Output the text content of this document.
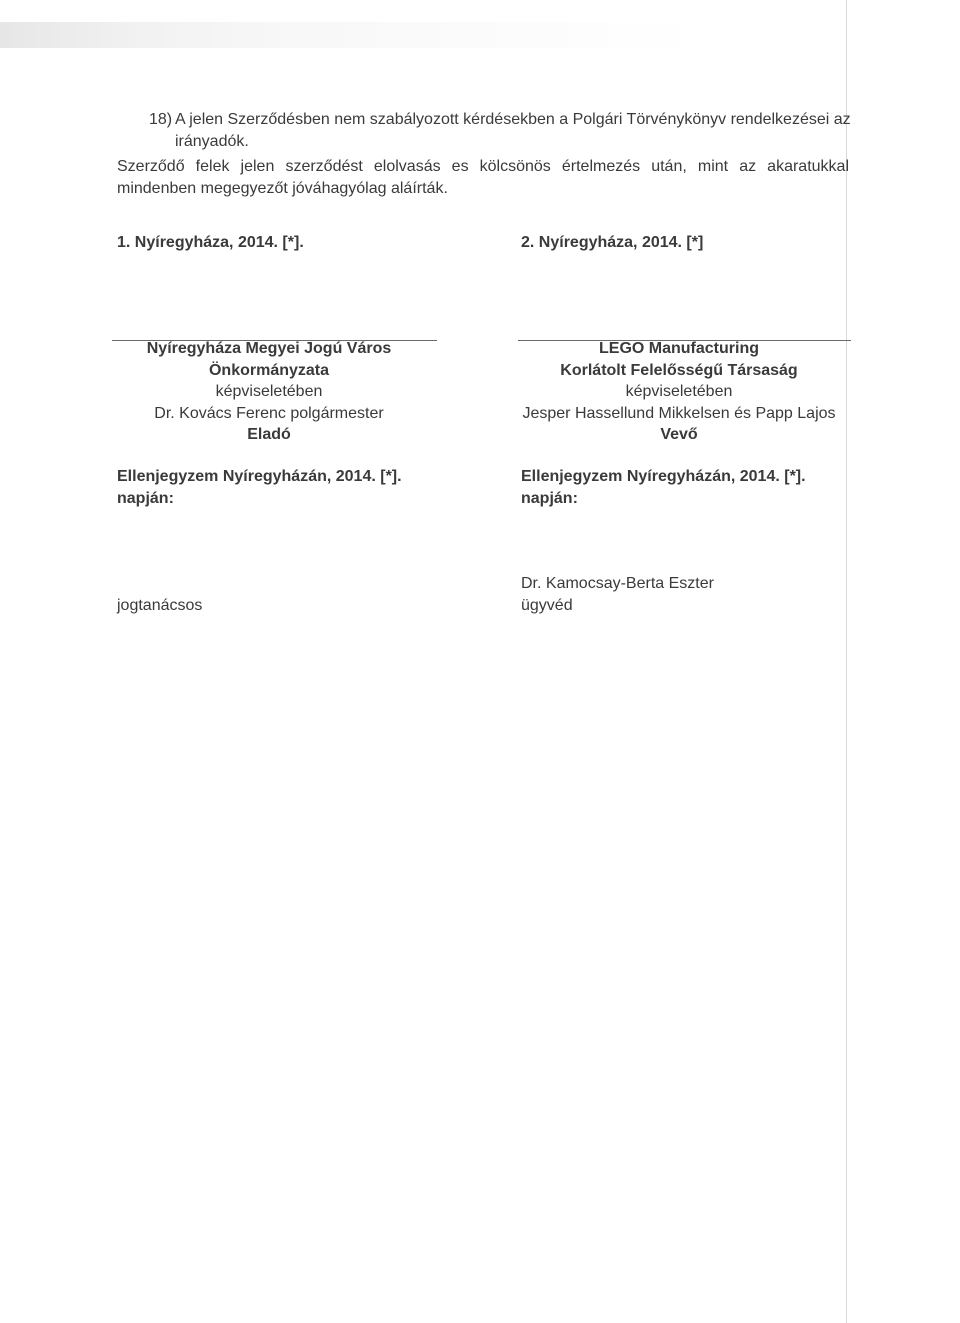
18) A jelen Szerződésben nem szabályozott kérdésekben a Polgári Törvénykönyv rendelkezései az irányadók.
Szerződő felek jelen szerződést elolvasás es kölcsönös értelmezés után, mint az akaratukkal mindenben megegyezőt jóváhagyólag aláírták.
1. Nyíregyháza, 2014. [*].	2. Nyíregyháza, 2014. [*]
Nyíregyháza Megyei Jogú Város
Önkormányzata
képviseletében
Dr. Kovács Ferenc polgármester
Eladó
LEGO Manufacturing
Korlátolt Felelősségű Társaság
képviseletében
Jesper Hassellund Mikkelsen és Papp Lajos
Vevő
Ellenjegyzem Nyíregyházán, 2014. [*].
napján:
Ellenjegyzem Nyíregyházán, 2014. [*].
napján:
jogtanácsos
Dr. Kamocsay-Berta Eszter
ügyvéd
